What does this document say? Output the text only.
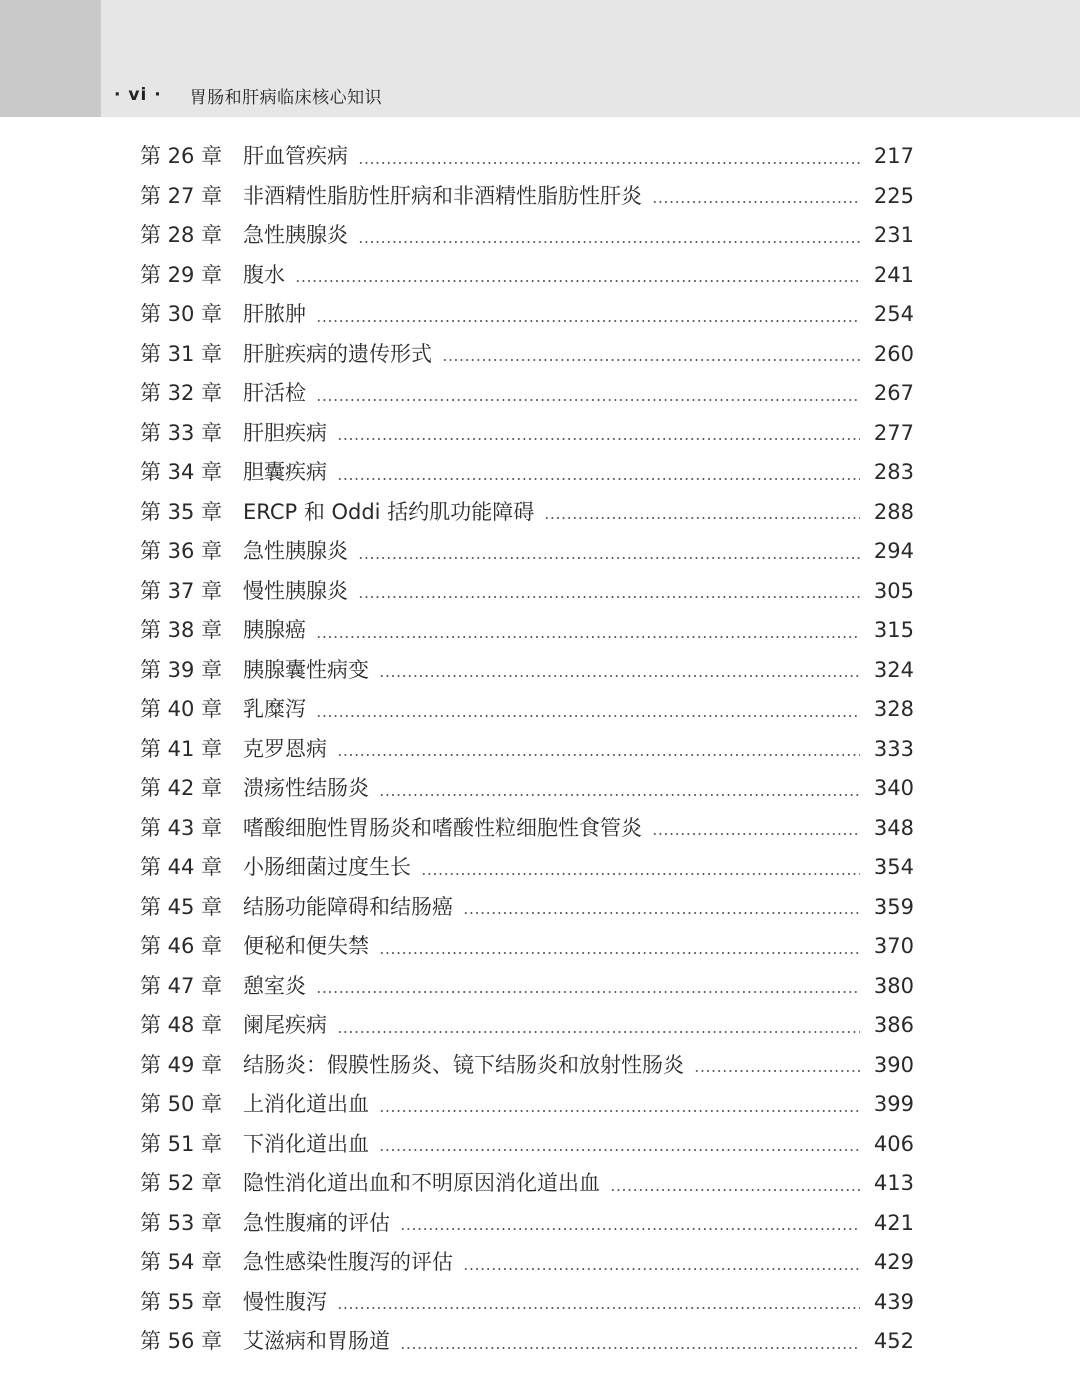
· vi · 胃肠和肝病临床核心知识
第 26 章 肝血管疾病	217
第 27 章 非酒精性脂肪性肝病和非酒精性脂肪性肝炎	225
第 28 章 急性胰腺炎	231
第 29 章 腹水	241
第 30 章 肝脓肿	254
第 31 章 肝脏疾病的遗传形式	260
第 32 章 肝活检	267
第 33 章 肝胆疾病	277
第 34 章 胆囊疾病	283
第 35 章 ERCP 和 Oddi 括约肌功能障碍	288
第 36 章 急性胰腺炎	294
第 37 章 慢性胰腺炎	305
第 38 章 胰腺癌	315
第 39 章 胰腺囊性病变	324
第 40 章 乳糜泻	328
第 41 章 克罗恩病	333
第 42 章 溃疡性结肠炎	340
第 43 章 嗜酸细胞性胃肠炎和嗜酸性粒细胞性食管炎	348
第 44 章 小肠细菌过度生长	354
第 45 章 结肠功能障碍和结肠癌	359
第 46 章 便秘和便失禁	370
第 47 章 憩室炎	380
第 48 章 阑尾疾病	386
第 49 章 结肠炎：假膜性肠炎、镜下结肠炎和放射性肠炎	390
第 50 章 上消化道出血	399
第 51 章 下消化道出血	406
第 52 章 隐性消化道出血和不明原因消化道出血	413
第 53 章 急性腹痛的评估	421
第 54 章 急性感染性腹泻的评估	429
第 55 章 慢性腹泻	439
第 56 章 艾滋病和胃肠道	452
